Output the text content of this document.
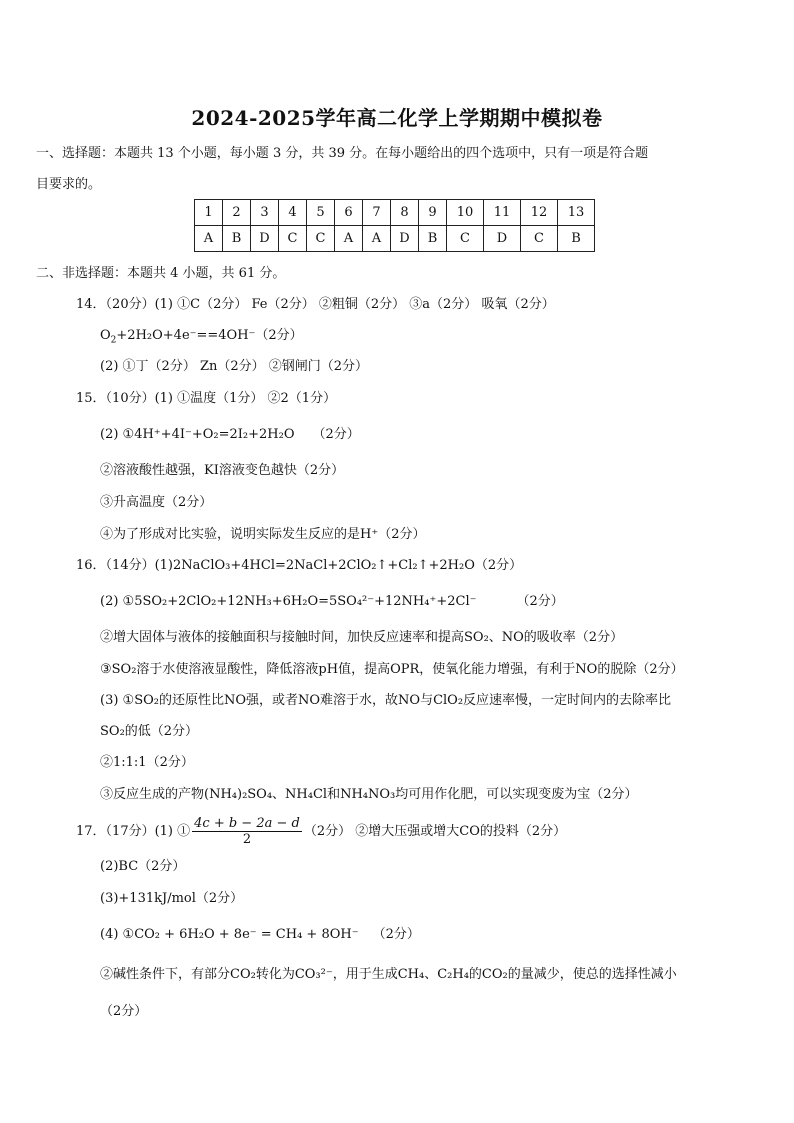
2024-2025学年高二化学上学期期中模拟卷
一、选择题：本题共 13 个小题，每小题 3 分，共 39 分。在每小题给出的四个选项中，只有一项是符合题
目要求的。
1	2	3	4	5	6	7	8	9	10	11	12	13
A	B	D	C	C	A	A	D	B	C	D	C	B
二、非选择题：本题共 4 小题，共 61 分。
14．（20分）(1) ①C（2分） Fe（2分） ②粗铜（2分） ③a（2分） 吸氧（2分）
$O_2+2H_2O+4e^-==4OH^-(2$分）
(2) ①丁（2分） Zn（2分） ②钢闸门（2分）
15．（10分）(1) ①温度（1分） ②2（1分）
(2) ①4H⁺+4I⁻+O₂=2I₂+2H₂O （2分）
②溶液酸性越强，KI溶液变色越快（2分）
③升高温度（2分）
④为了形成对比实验，说明实际发生反应的是H⁺（2分）
16．（14分）(1)2NaClO₃+4HCl=2NaCl+2ClO₂↑+Cl₂↑+2H₂O（2分）
(2) ①5SO₂+2ClO₂+12NH₃+6H₂O=5SO₄²⁻+12NH₄⁺+2Cl⁻	（2分）
②增大固体与液体的接触面积与接触时间，加快反应速率和提高SO₂、NO的吸收率（2分）
③SO₂溶于水使溶液显酸性，降低溶液pH值，提高OPR，使氧化能力增强，有利于NO的脱除（2分）
(3) ①SO₂的还原性比NO强，或者NO难溶于水，故NO与ClO₂反应速率慢，一定时间内的去除率比
SO₂的低（2分）
②1:1:1（2分）
③反应生成的产物(NH₄)₂SO₄、NH₄Cl和NH₄NO₃均可用作化肥，可以实现变废为宝（2分）
17．（17分）(1) ① $\frac{4c + b - 2a - d}{2} (2$分） ②增大压强或增大CO的投料（2分）
(2)BC（2分）
(3)+131kJ/mol（2分）
(4) ①CO₂ + 6H₂O + 8e⁻ = CH₄ + 8OH⁻ （2分）
②碱性条件下，有部分CO₂转化为CO₃²⁻，用于生成CH₄、C₂H₄的CO₂的量减少，使总的选择性减小
（2分）
